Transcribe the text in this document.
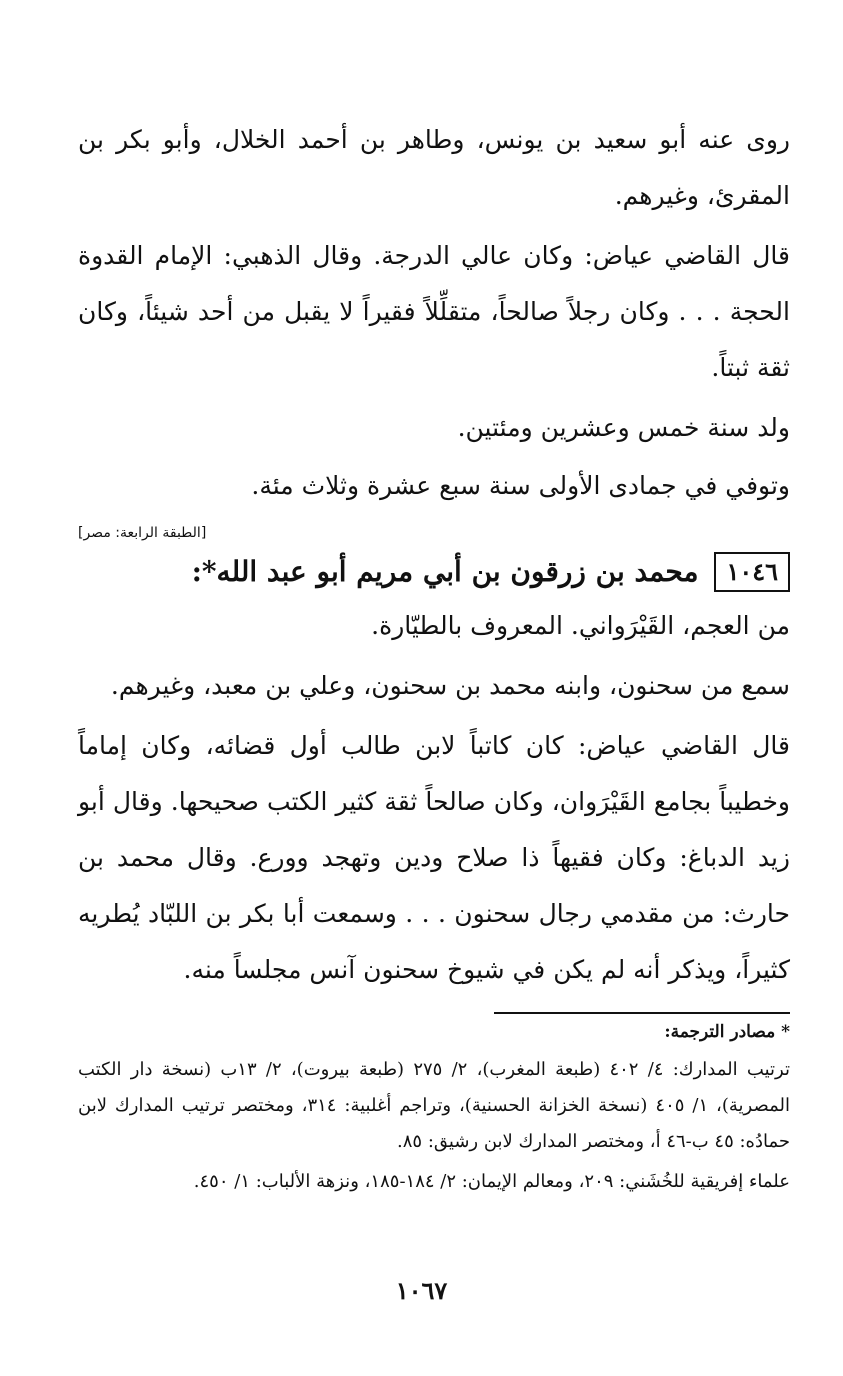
روى عنه أبو سعيد بن يونس، وطاهر بن أحمد الخلال، وأبو بكر بن المقرئ، وغيرهم.

قال القاضي عياض: وكان عالي الدرجة. وقال الذهبي: الإمام القدوة الحجة . . . وكان رجلاً صالحاً، متقلِّلاً فقيراً لا يقبل من أحد شيئاً، وكان ثقة ثبتاً.

ولد سنة خمس وعشرين ومئتين.

وتوفي في جمادى الأولى سنة سبع عشرة وثلاث مئة.

[الطبقة الرابعة: مصر]
١٠٤٦
محمد بن زرقون بن أبي مريم أبو عبد الله*:

من العجم، القَيْرَواني. المعروف بالطيّارة.

سمع من سحنون، وابنه محمد بن سحنون، وعلي بن معبد، وغيرهم.

قال القاضي عياض: كان كاتباً لابن طالب أول قضائه، وكان إماماً وخطيباً بجامع القَيْرَوان، وكان صالحاً ثقة كثير الكتب صحيحها. وقال أبو زيد الدباغ: وكان فقيهاً ذا صلاح ودين وتهجد وورع. وقال محمد بن حارث: من مقدمي رجال سحنون . . . وسمعت أبا بكر بن اللبّاد يُطريه كثيراً، ويذكر أنه لم يكن في شيوخ سحنون آنس مجلساً منه.

* مصادر الترجمة:

ترتيب المدارك: ٤/ ٤٠٢ (طبعة المغرب)، ٢/ ٢٧٥ (طبعة بيروت)، ٢/ ١٣ب (نسخة دار الكتب المصرية)، ١/ ٤٠٥ (نسخة الخزانة الحسنية)، وتراجم أغلبية: ٣١٤، ومختصر ترتيب المدارك لابن حمادُه: ٤٥ ب-٤٦ أ، ومختصر المدارك لابن رشيق: ٨٥.

علماء إفريقية للخُشَني: ٢٠٩، ومعالم الإيمان: ٢/ ١٨٤-١٨٥، ونزهة الألباب: ١/ ٤٥٠.

١٠٦٧
